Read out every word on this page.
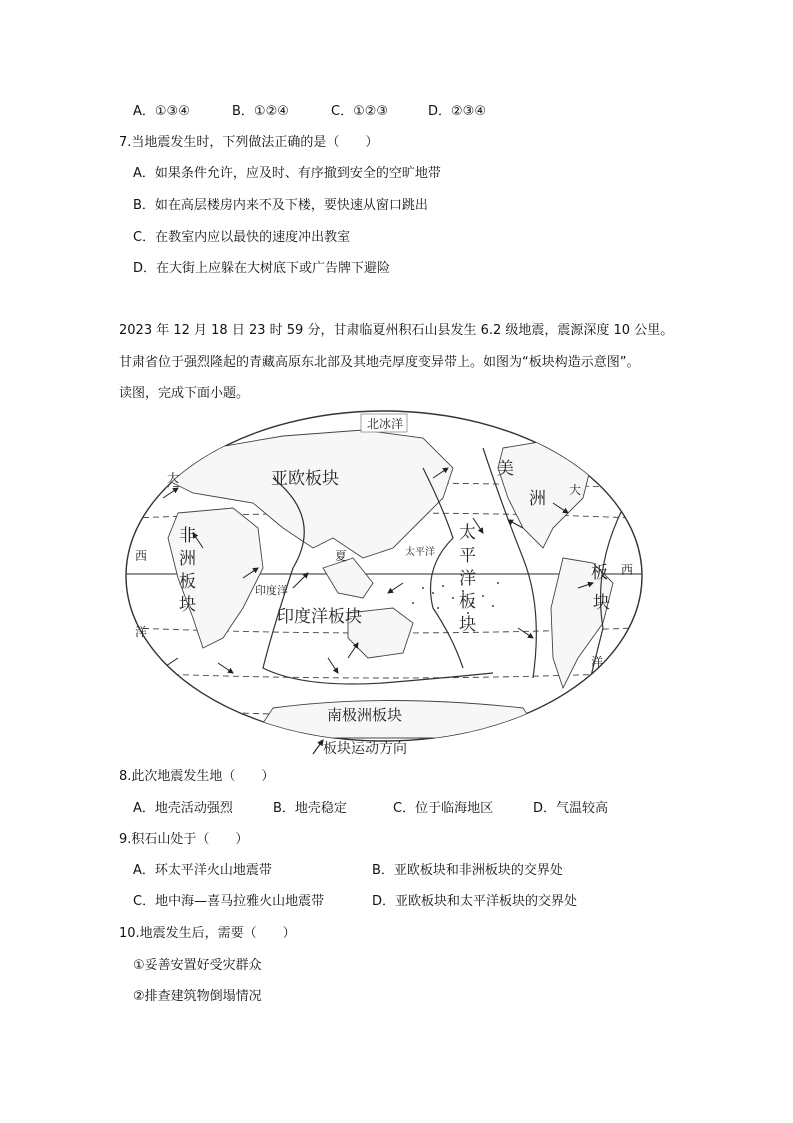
A．①③④	B．①②④	C．①②③	D．②③④
7.当地震发生时，下列做法正确的是（　　）
A．如果条件允许，应及时、有序撤到安全的空旷地带
B．如在高层楼房内来不及下楼，要快速从窗口跳出
C．在教室内应以最快的速度冲出教室
D．在大街上应躲在大树底下或广告牌下避险
2023 年 12 月 18 日 23 时 59 分，甘肃临夏州积石山县发生 6.2 级地震，震源深度 10 公里。
甘肃省位于强烈隆起的青藏高原东北部及其地壳厚度变异带上。如图为“板块构造示意图”。
读图，完成下面小题。
北冰洋
亚欧板块
非
洲
板
块
太平洋
太
平
洋
板
块
美
洲
板
块
印度洋
印度洋板块
南极洲板块
大
西
洋
大
西
洋
夏
板块运动方向
8.此次地震发生地（　　）
A．地壳活动强烈	B．地壳稳定	C．位于临海地区	D．气温较高
9.积石山处于（　　）
A．环太平洋火山地震带	B．亚欧板块和非洲板块的交界处
C．地中海—喜马拉雅火山地震带	D．亚欧板块和太平洋板块的交界处
10.地震发生后，需要（　　）
①妥善安置好受灾群众
②排查建筑物倒塌情况
